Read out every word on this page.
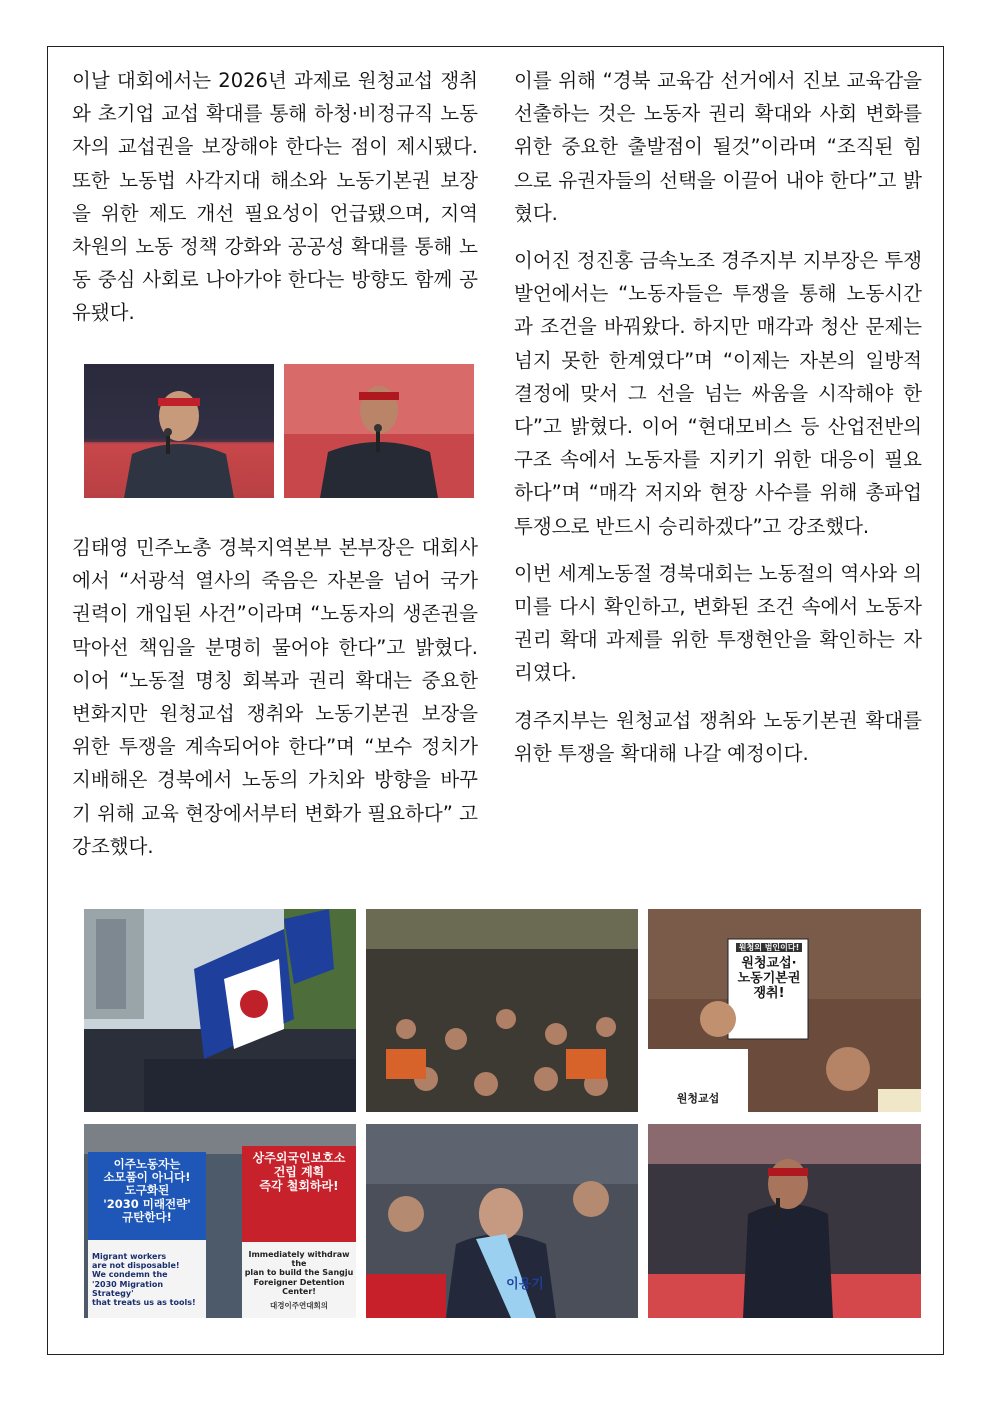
이날 대회에서는 2026년 과제로 원청교섭 쟁취와 초기업 교섭 확대를 통해 하청·비정규직 노동자의 교섭권을 보장해야 한다는 점이 제시됐다. 또한 노동법 사각지대 해소와 노동기본권 보장을 위한 제도 개선 필요성이 언급됐으며, 지역 차원의 노동 정책 강화와 공공성 확대를 통해 노동 중심 사회로 나아가야 한다는 방향도 함께 공유됐다.

김태영 민주노총 경북지역본부 본부장은 대회사에서 “서광석 열사의 죽음은 자본을 넘어 국가 권력이 개입된 사건”이라며 “노동자의 생존권을 막아선 책임을 분명히 물어야 한다”고 밝혔다. 이어 “노동절 명칭 회복과 권리 확대는 중요한 변화지만 원청교섭 쟁취와 노동기본권 보장을 위한 투쟁을 계속되어야 한다”며 “보수 정치가 지배해온 경북에서 노동의 가치와 방향을 바꾸기 위해 교육 현장에서부터 변화가 필요하다” 고 강조했다.

이를 위해 “경북 교육감 선거에서 진보 교육감을 선출하는 것은 노동자 권리 확대와 사회 변화를 위한 중요한 출발점이 될것”이라며 “조직된 힘으로 유권자들의 선택을 이끌어 내야 한다”고 밝혔다.

이어진 정진홍 금속노조 경주지부 지부장은 투쟁발언에서는 “노동자들은 투쟁을 통해 노동시간과 조건을 바꿔왔다. 하지만 매각과 청산 문제는 넘지 못한 한계였다”며 “이제는 자본의 일방적 결정에 맞서 그 선을 넘는 싸움을 시작해야 한다”고 밝혔다. 이어 “현대모비스 등 산업전반의 구조 속에서 노동자를 지키기 위한 대응이 필요하다”며 “매각 저지와 현장 사수를 위해 총파업 투쟁으로 반드시 승리하겠다”고 강조했다.

이번 세계노동절 경북대회는 노동절의 역사와 의미를 다시 확인하고, 변화된 조건 속에서 노동자 권리 확대 과제를 위한 투쟁현안을 확인하는 자리였다.

경주지부는 원청교섭 쟁취와 노동기본권 확대를 위한 투쟁을 확대해 나갈 예정이다.

원청의 범인이다!
원청교섭·
노동기본권
쟁취!
원청교섭
이주노동자는
소모품이 아니다!
도구화된
'2030 미래전략'
규탄한다!
Migrant workers
are not disposable!
We condemn the
'2030 Migration Strategy'
that treats us as tools!
상주외국인보호소
건립 계획
즉각 철회하라!
Immediately withdraw the
plan to build the Sangju
Foreigner Detention Center!
대경이주연대회의
이용기
